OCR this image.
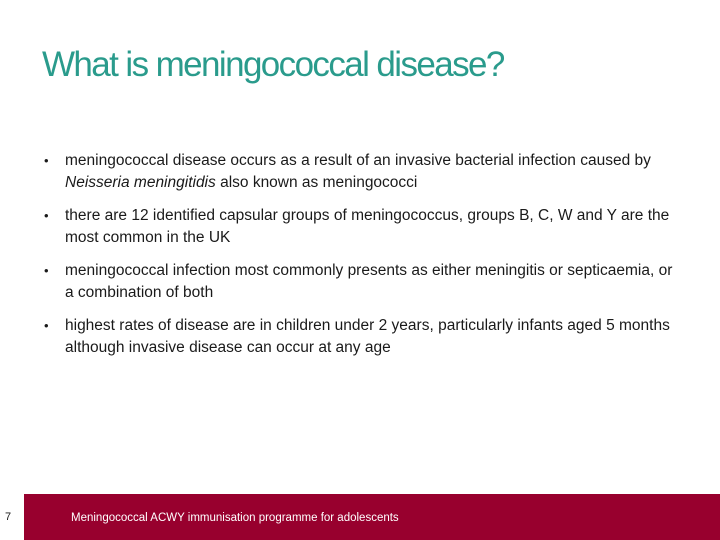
What is meningococcal disease?
• meningococcal disease occurs as a result of an invasive bacterial infection caused by Neisseria meningitidis also known as meningococci
• there are 12 identified capsular groups of meningococcus, groups B, C, W and Y are the most common in the UK
• meningococcal infection most commonly presents as either meningitis or septicaemia, or a combination of both
• highest rates of disease are in children under 2 years, particularly infants aged 5 months although invasive disease can occur at any age
7	Meningococcal ACWY immunisation programme for adolescents
